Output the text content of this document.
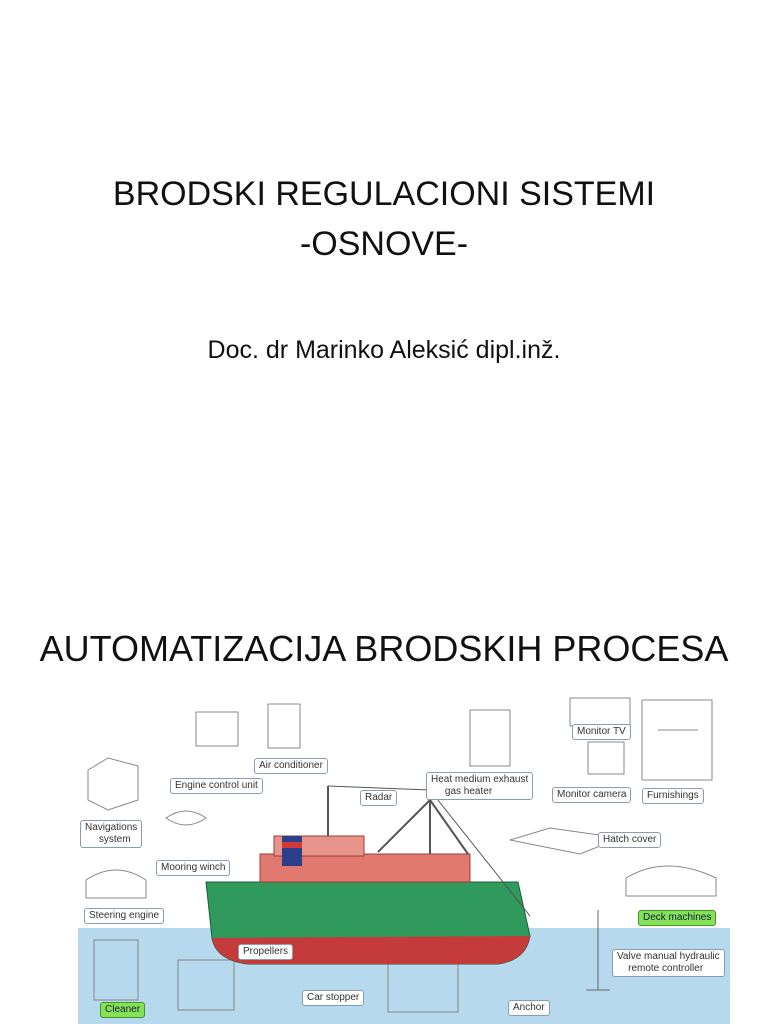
BRODSKI REGULACIONI SISTEMI
-OSNOVE-
Doc. dr Marinko Aleksić dipl.inž.
AUTOMATIZACIJA BRODSKIH PROCESA
Air conditioner
Engine control unit
Radar
Heat medium exhaust
gas heater
Monitor TV
Monitor camera	Furnishings
Navigations
system	Hatch cover
Mooring winch
Steering engine	Deck machines
Propellers	Valve manual hydraulic
remote controller
Car stopper
Cleaner	Anchor
